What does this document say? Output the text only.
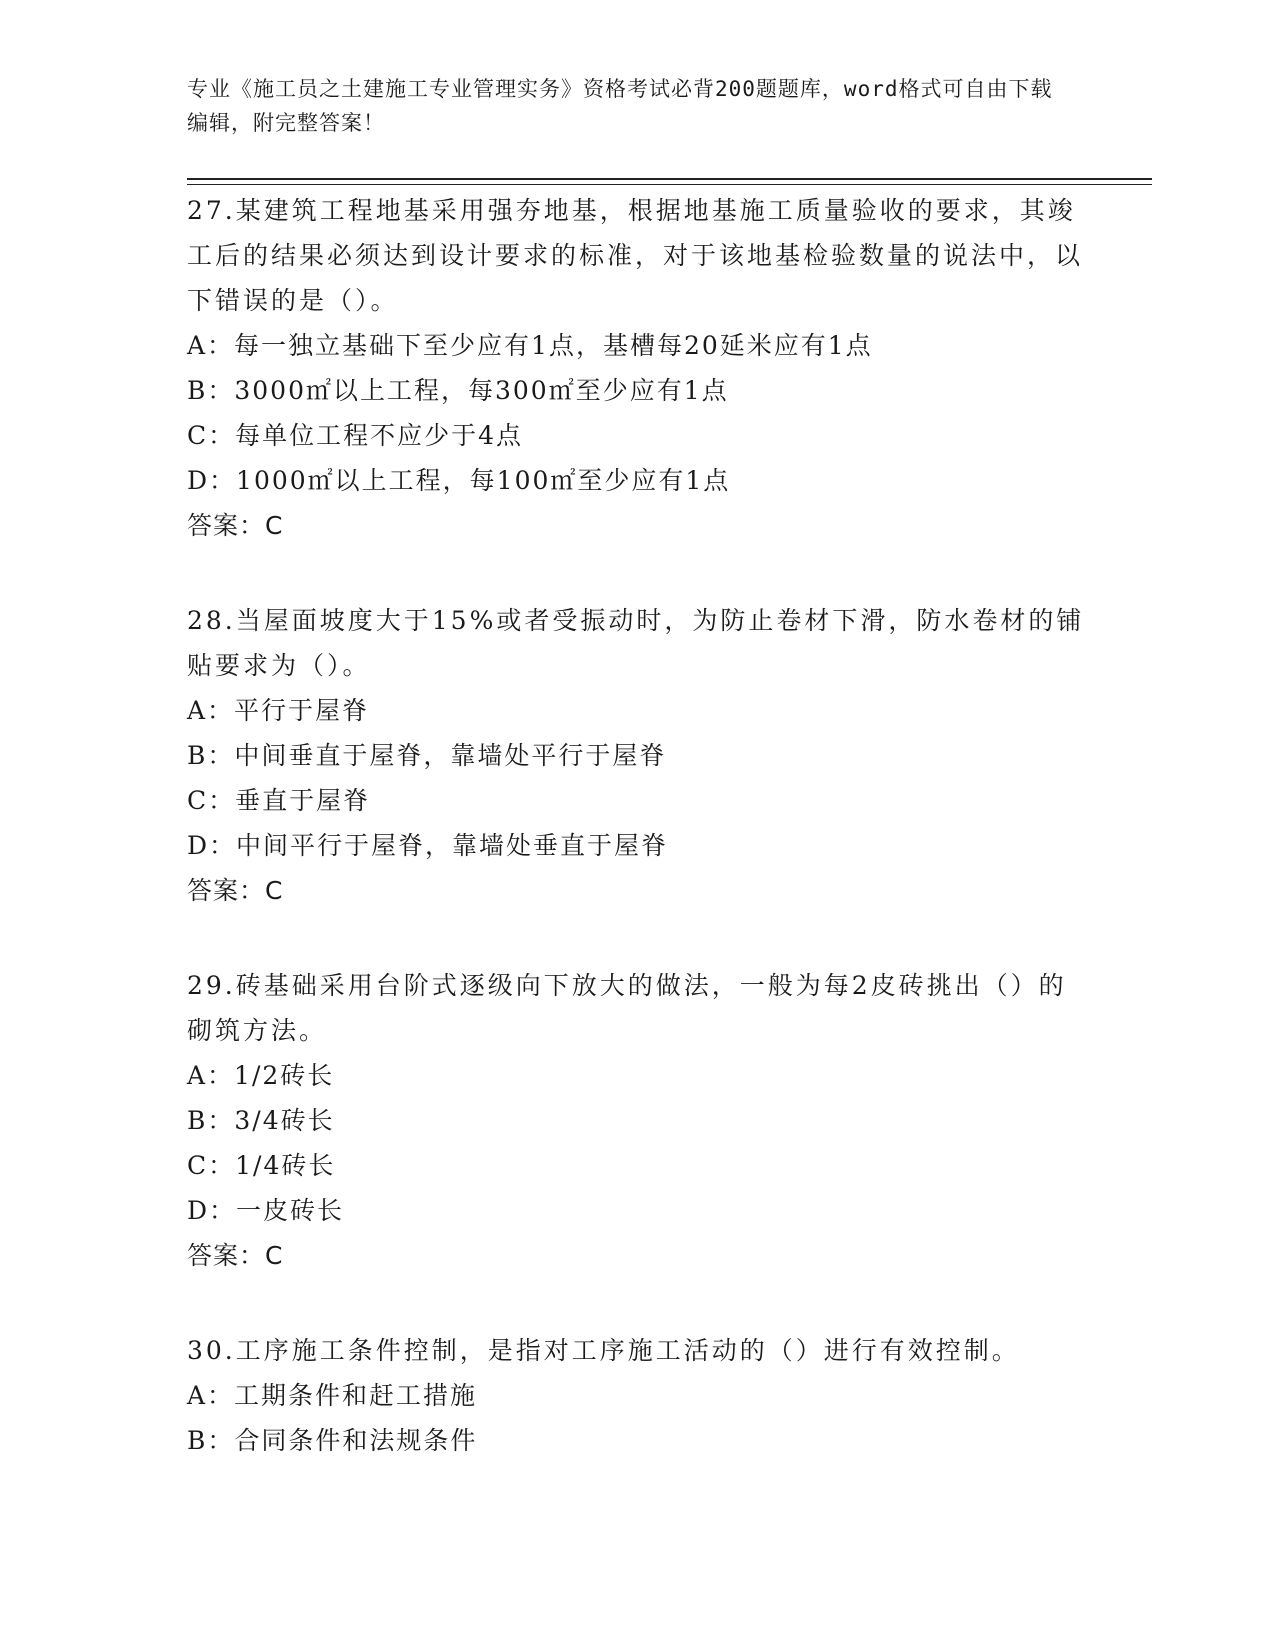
专业《施工员之土建施工专业管理实务》资格考试必背200题题库，word格式可自由下载编辑，附完整答案！
27.某建筑工程地基采用强夯地基，根据地基施工质量验收的要求，其竣工后的结果必须达到设计要求的标准，对于该地基检验数量的说法中，以下错误的是（）。
A：每一独立基础下至少应有1点，基槽每20延米应有1点
B：3000㎡以上工程，每300㎡至少应有1点
C：每单位工程不应少于4点
D：1000㎡以上工程，每100㎡至少应有1点
答案：C
28.当屋面坡度大于15%或者受振动时，为防止卷材下滑，防水卷材的铺贴要求为（）。
A：平行于屋脊
B：中间垂直于屋脊，靠墙处平行于屋脊
C：垂直于屋脊
D：中间平行于屋脊，靠墙处垂直于屋脊
答案：C
29.砖基础采用台阶式逐级向下放大的做法，一般为每2皮砖挑出（）的砌筑方法。
A：1/2砖长
B：3/4砖长
C：1/4砖长
D：一皮砖长
答案：C
30.工序施工条件控制，是指对工序施工活动的（）进行有效控制。
A：工期条件和赶工措施
B：合同条件和法规条件
